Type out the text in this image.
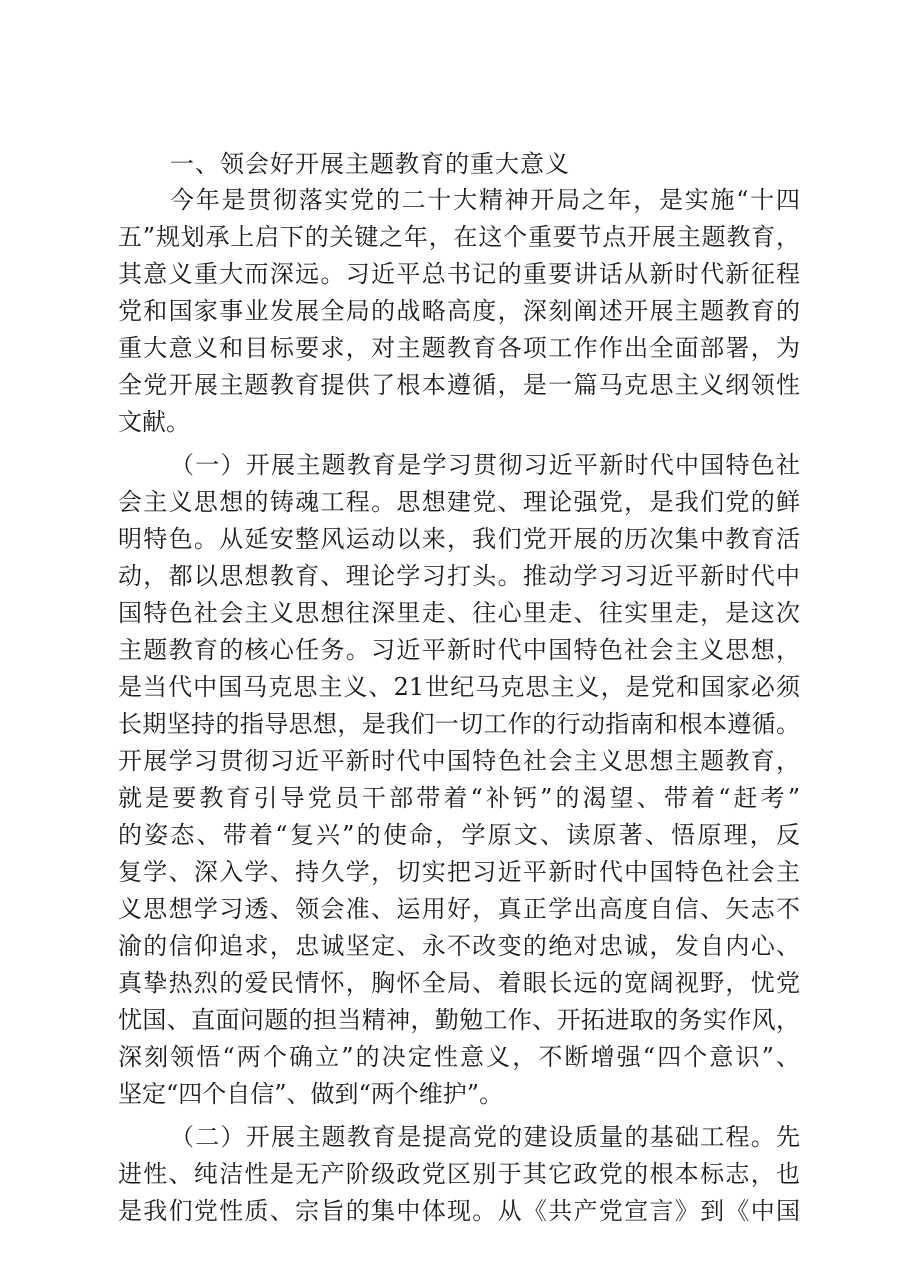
一、领会好开展主题教育的重大意义

今年是贯彻落实党的二十大精神开局之年，是实施“十四

五”规划承上启下的关键之年，在这个重要节点开展主题教育，

其意义重大而深远。习近平总书记的重要讲话从新时代新征程

党和国家事业发展全局的战略高度，深刻阐述开展主题教育的

重大意义和目标要求，对主题教育各项工作作出全面部署，为

全党开展主题教育提供了根本遵循，是一篇马克思主义纲领性

文献。

（一）开展主题教育是学习贯彻习近平新时代中国特色社

会主义思想的铸魂工程。思想建党、理论强党，是我们党的鲜

明特色。从延安整风运动以来，我们党开展的历次集中教育活

动，都以思想教育、理论学习打头。推动学习习近平新时代中

国特色社会主义思想往深里走、往心里走、往实里走，是这次

主题教育的核心任务。习近平新时代中国特色社会主义思想，

是当代中国马克思主义、21世纪马克思主义，是党和国家必须

长期坚持的指导思想，是我们一切工作的行动指南和根本遵循。

开展学习贯彻习近平新时代中国特色社会主义思想主题教育，

就是要教育引导党员干部带着“补钙”的渴望、带着“赶考”

的姿态、带着“复兴”的使命，学原文、读原著、悟原理，反

复学、深入学、持久学，切实把习近平新时代中国特色社会主

义思想学习透、领会准、运用好，真正学出高度自信、矢志不

渝的信仰追求，忠诚坚定、永不改变的绝对忠诚，发自内心、

真挚热烈的爱民情怀，胸怀全局、着眼长远的宽阔视野，忧党

忧国、直面问题的担当精神，勤勉工作、开拓进取的务实作风，

深刻领悟“两个确立”的决定性意义，不断增强“四个意识”、

坚定“四个自信”、做到“两个维护”。

（二）开展主题教育是提高党的建设质量的基础工程。先

进性、纯洁性是无产阶级政党区别于其它政党的根本标志，也

是我们党性质、宗旨的集中体现。从《共产党宣言》到《中国
